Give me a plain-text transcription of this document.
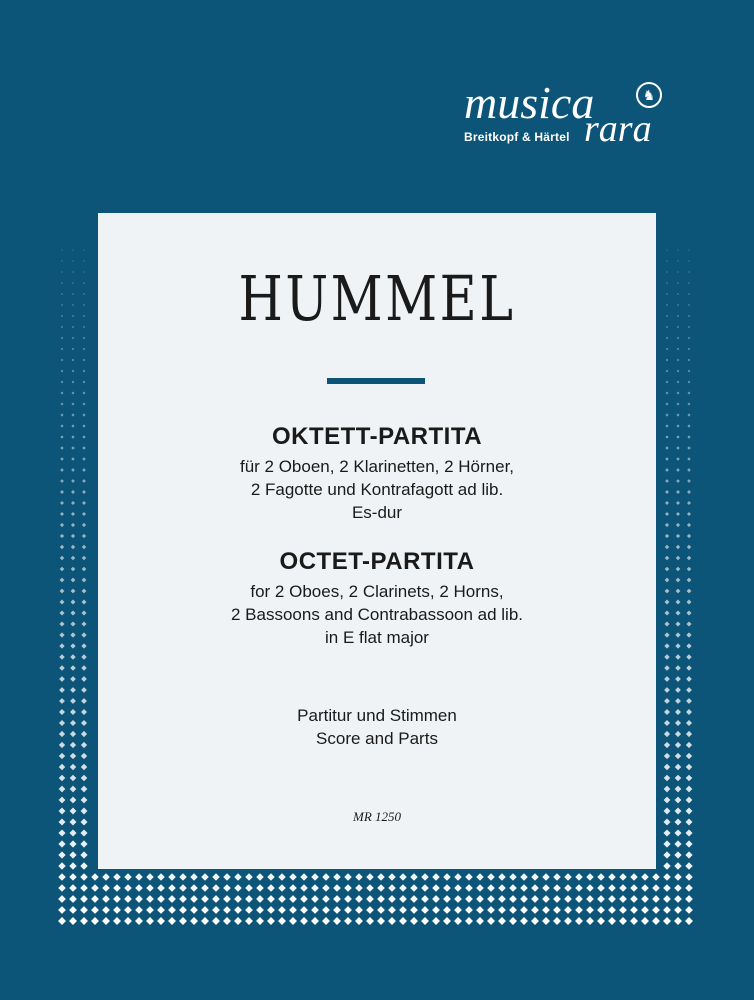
musica
rara
Breitkopf & Härtel
♞
HUMMEL
OKTETT-PARTITA
für 2 Oboen, 2 Klarinetten, 2 Hörner,
2 Fagotte und Kontrafagott ad lib.
Es-dur
OCTET-PARTITA
for 2 Oboes, 2 Clarinets, 2 Horns,
2 Bassoons and Contrabassoon ad lib.
in E flat major
Partitur und Stimmen
Score and Parts
MR 1250
